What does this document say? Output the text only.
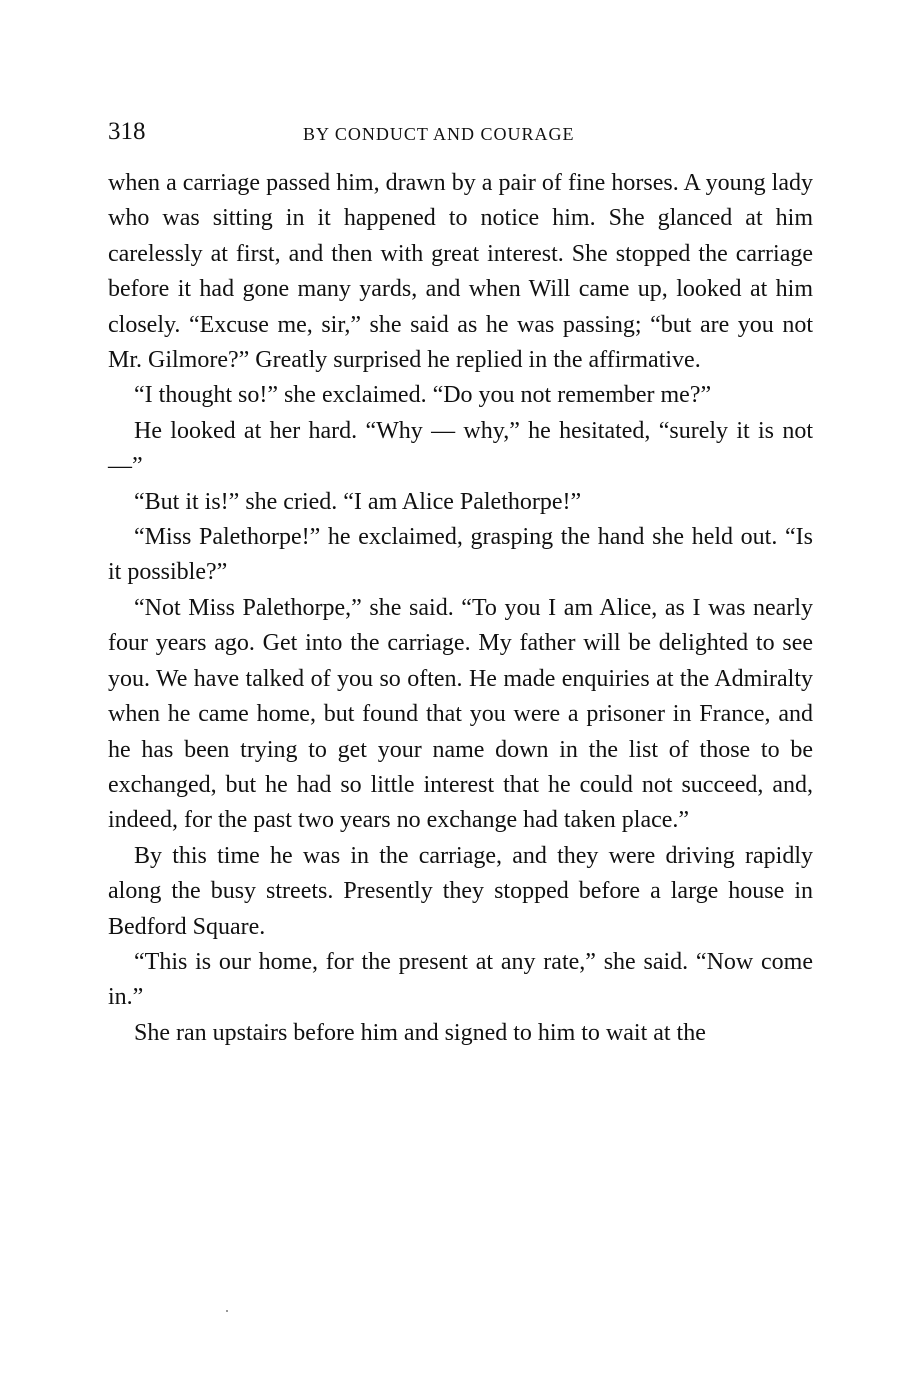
318	BY CONDUCT AND COURAGE

when a carriage passed him, drawn by a pair of fine horses. A young lady who was sitting in it happened to notice him. She glanced at him carelessly at first, and then with great interest. She stopped the carriage before it had gone many yards, and when Will came up, looked at him closely. “Excuse me, sir,” she said as he was passing; “but are you not Mr. Gilmore?” Greatly surprised he replied in the affirmative.

“I thought so!” she exclaimed. “Do you not remember me?”

He looked at her hard. “Why — why,” he hesitated, “surely it is not—”

“But it is!” she cried. “I am Alice Palethorpe!”

“Miss Palethorpe!” he exclaimed, grasping the hand she held out. “Is it possible?”

“Not Miss Palethorpe,” she said. “To you I am Alice, as I was nearly four years ago. Get into the carriage. My father will be delighted to see you. We have talked of you so often. He made enquiries at the Admiralty when he came home, but found that you were a prisoner in France, and he has been trying to get your name down in the list of those to be exchanged, but he had so little interest that he could not succeed, and, indeed, for the past two years no exchange had taken place.”

By this time he was in the carriage, and they were driving rapidly along the busy streets. Presently they stopped before a large house in Bedford Square.

“This is our home, for the present at any rate,” she said. “Now come in.”

She ran upstairs before him and signed to him to wait at the
